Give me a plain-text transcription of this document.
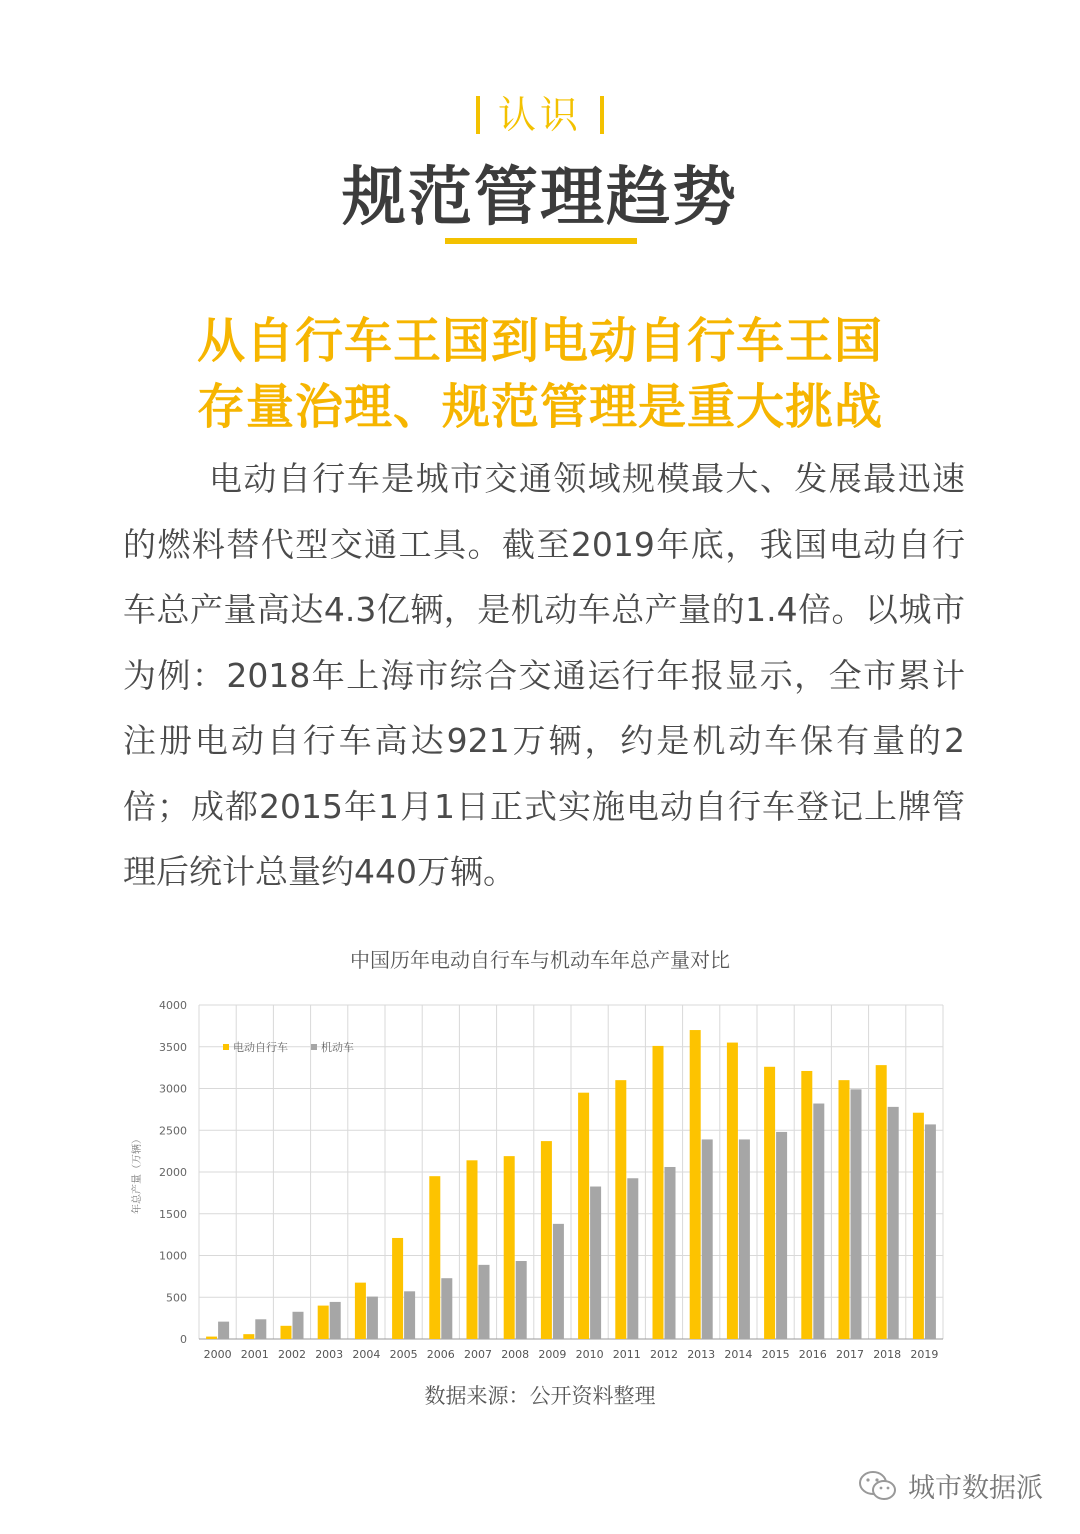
认识
规范管理趋势
从自行车王国到电动自行车王国
存量治理、规范管理是重大挑战
电动自行车是城市交通领域规模最大、发展最迅速的燃料替代型交通工具。截至2019年底，我国电动自行车总产量高达4.3亿辆，是机动车总产量的1.4倍。以城市为例：2018年上海市综合交通运行年报显示，全市累计注册电动自行车高达921万辆，约是机动车保有量的2倍；成都2015年1月1日正式实施电动自行车登记上牌管理后统计总量约440万辆。
中国历年电动自行车与机动车年总产量对比
0
500
1000
1500
2000
2500
3000
3500
4000
2000 2001 2002 2003 2004 2005 2006 2007 2008 2009 2010 2011 2012 2013 2014 2015 2016 2017 2018 2019
年总产量（万辆）
电动自行车	机动车
数据来源：公开资料整理
城市数据派
